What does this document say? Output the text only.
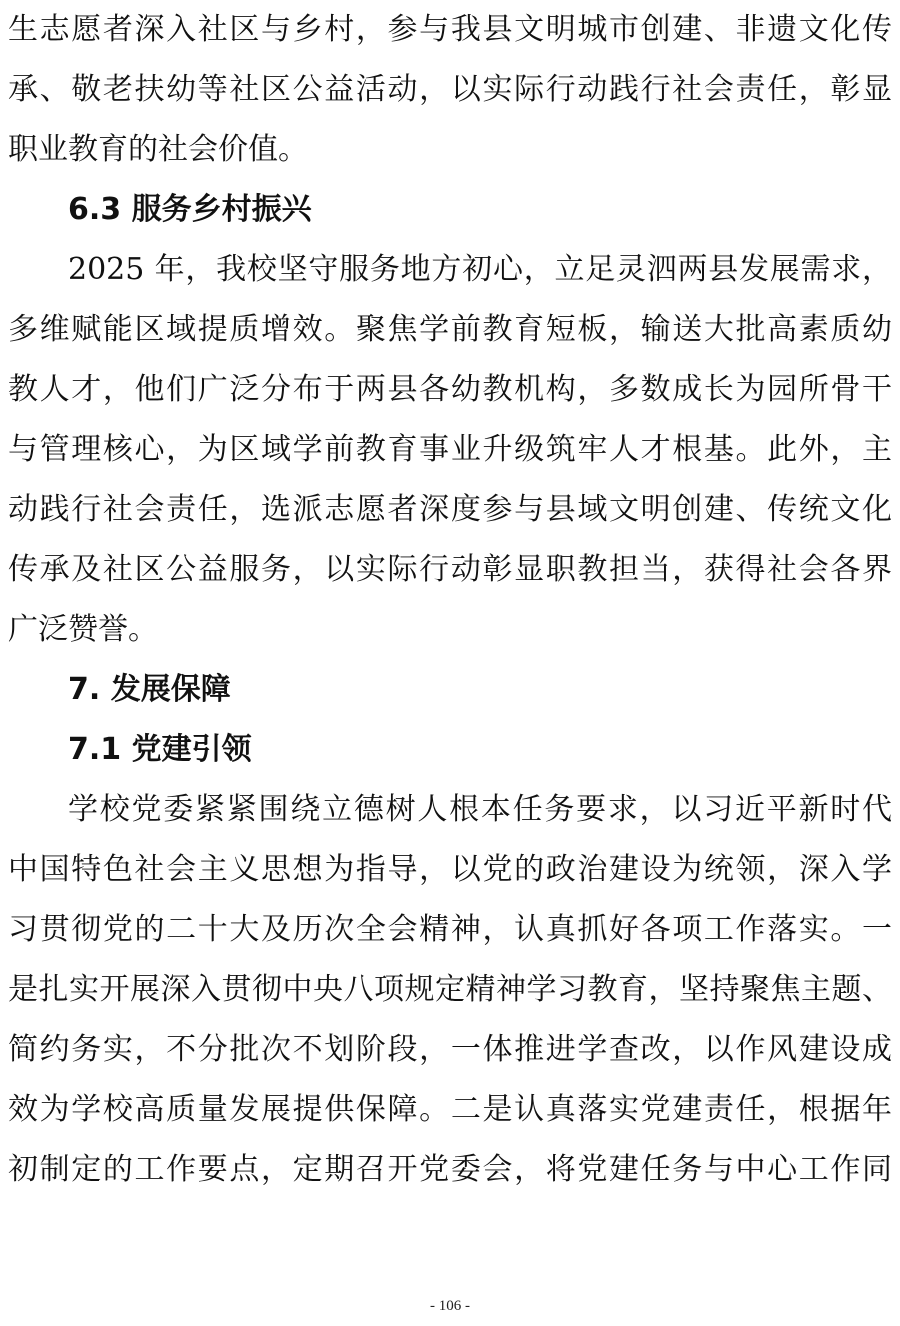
生志愿者深入社区与乡村，参与我县文明城市创建、非遗文化传
承、敬老扶幼等社区公益活动，以实际行动践行社会责任，彰显
职业教育的社会价值。
6.3 服务乡村振兴
2025 年，我校坚守服务地方初心，立足灵泗两县发展需求，
多维赋能区域提质增效。聚焦学前教育短板，输送大批高素质幼
教人才，他们广泛分布于两县各幼教机构，多数成长为园所骨干
与管理核心，为区域学前教育事业升级筑牢人才根基。此外，主
动践行社会责任，选派志愿者深度参与县域文明创建、传统文化
传承及社区公益服务，以实际行动彰显职教担当，获得社会各界
广泛赞誉。
7. 发展保障
7.1 党建引领
学校党委紧紧围绕立德树人根本任务要求，以习近平新时代
中国特色社会主义思想为指导，以党的政治建设为统领，深入学
习贯彻党的二十大及历次全会精神，认真抓好各项工作落实。一
是扎实开展深入贯彻中央八项规定精神学习教育，坚持聚焦主题、
简约务实，不分批次不划阶段，一体推进学查改，以作风建设成
效为学校高质量发展提供保障。二是认真落实党建责任，根据年
初制定的工作要点，定期召开党委会，将党建任务与中心工作同
- 106 -
